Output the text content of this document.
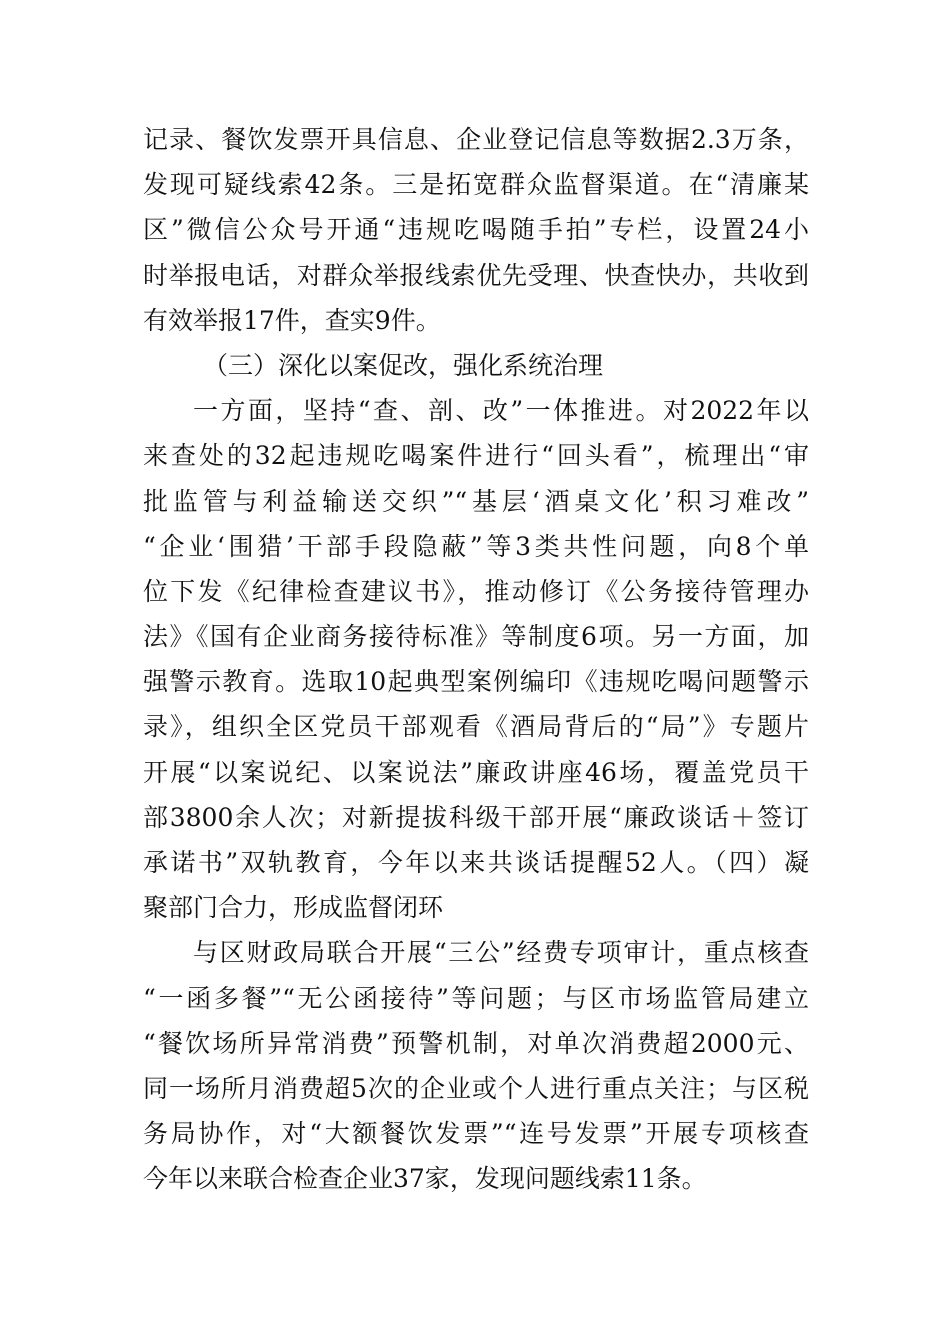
记录、餐饮发票开具信息、企业登记信息等数据2.3万条，
发现可疑线索42条。三是拓宽群众监督渠道。在“清廉某
区”微信公众号开通“违规吃喝随手拍”专栏，设置24小
时举报电话，对群众举报线索优先受理、快查快办，共收到
有效举报17件，查实9件。
（三）深化以案促改，强化系统治理
一方面，坚持“查、剖、改”一体推进。对2022年以
来查处的32起违规吃喝案件进行“回头看”，梳理出“审
批监管与利益输送交织”“基层‘酒桌文化’积习难改”
“企业‘围猎’干部手段隐蔽”等3类共性问题，向8个单
位下发《纪律检查建议书》，推动修订《公务接待管理办
法》《国有企业商务接待标准》等制度6项。另一方面，加
强警示教育。选取10起典型案例编印《违规吃喝问题警示
录》，组织全区党员干部观看《酒局背后的“局”》专题片
开展“以案说纪、以案说法”廉政讲座46场，覆盖党员干
部3800余人次；对新提拔科级干部开展“廉政谈话＋签订
承诺书”双轨教育，今年以来共谈话提醒52人。（四）凝
聚部门合力，形成监督闭环
与区财政局联合开展“三公”经费专项审计，重点核查
“一函多餐”“无公函接待”等问题；与区市场监管局建立
“餐饮场所异常消费”预警机制，对单次消费超2000元、
同一场所月消费超5次的企业或个人进行重点关注；与区税
务局协作，对“大额餐饮发票”“连号发票”开展专项核查
今年以来联合检查企业37家，发现问题线索11条。
